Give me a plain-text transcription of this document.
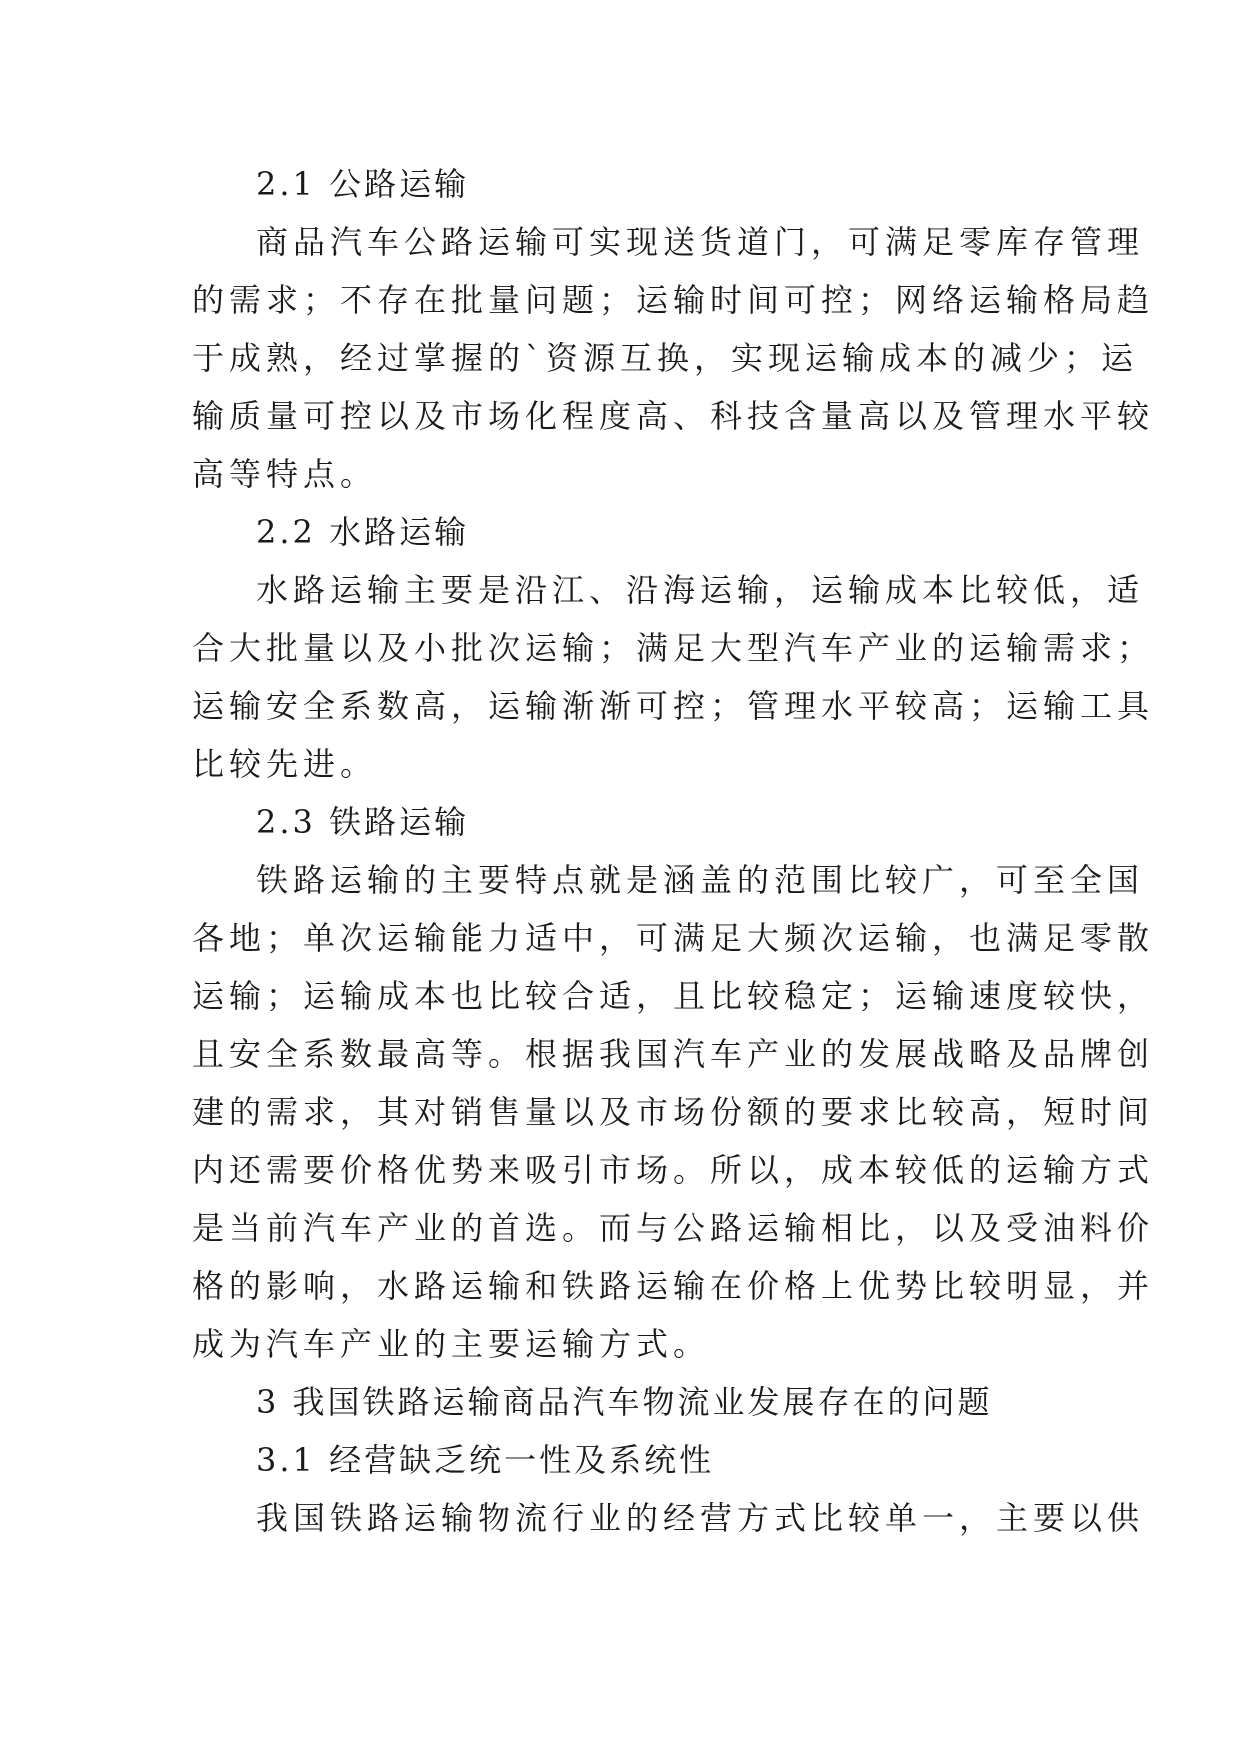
2.1 公路运输
商品汽车公路运输可实现送货道门，可满足零库存管理
的需求；不存在批量问题；运输时间可控；网络运输格局趋
于成熟，经过掌握的`资源互换，实现运输成本的减少；运
输质量可控以及市场化程度高、科技含量高以及管理水平较
高等特点。
2.2 水路运输
水路运输主要是沿江、沿海运输，运输成本比较低，适
合大批量以及小批次运输；满足大型汽车产业的运输需求；
运输安全系数高，运输渐渐可控；管理水平较高；运输工具
比较先进。
2.3 铁路运输
铁路运输的主要特点就是涵盖的范围比较广，可至全国
各地；单次运输能力适中，可满足大频次运输，也满足零散
运输；运输成本也比较合适，且比较稳定；运输速度较快，
且安全系数最高等。根据我国汽车产业的发展战略及品牌创
建的需求，其对销售量以及市场份额的要求比较高，短时间
内还需要价格优势来吸引市场。所以，成本较低的运输方式
是当前汽车产业的首选。而与公路运输相比，以及受油料价
格的影响，水路运输和铁路运输在价格上优势比较明显，并
成为汽车产业的主要运输方式。
3 我国铁路运输商品汽车物流业发展存在的问题
3.1 经营缺乏统一性及系统性
我国铁路运输物流行业的经营方式比较单一，主要以供
